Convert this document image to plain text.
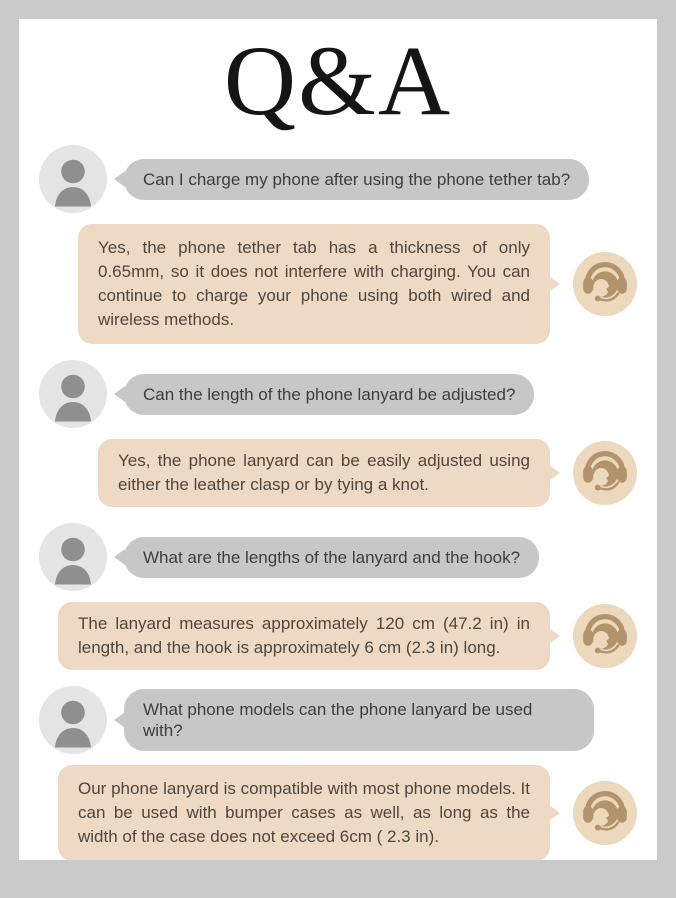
Q&A
Can I charge my phone after using the phone tether tab?
Yes, the phone tether tab has a thickness of only 0.65mm, so it does not interfere with charging. You can continue to charge your phone using both wired and wireless methods.
Can the length of the phone lanyard be adjusted?
Yes, the phone lanyard can be easily adjusted using either the leather clasp or by tying a knot.
What are the lengths of the lanyard and the hook?
The lanyard measures approximately 120 cm (47.2 in) in length, and the hook is approximately 6 cm (2.3 in) long.
What phone models can the phone lanyard be used with?
Our phone lanyard is compatible with most phone models. It can be used with bumper cases as well, as long as the width of the case does not exceed 6cm ( 2.3 in).
